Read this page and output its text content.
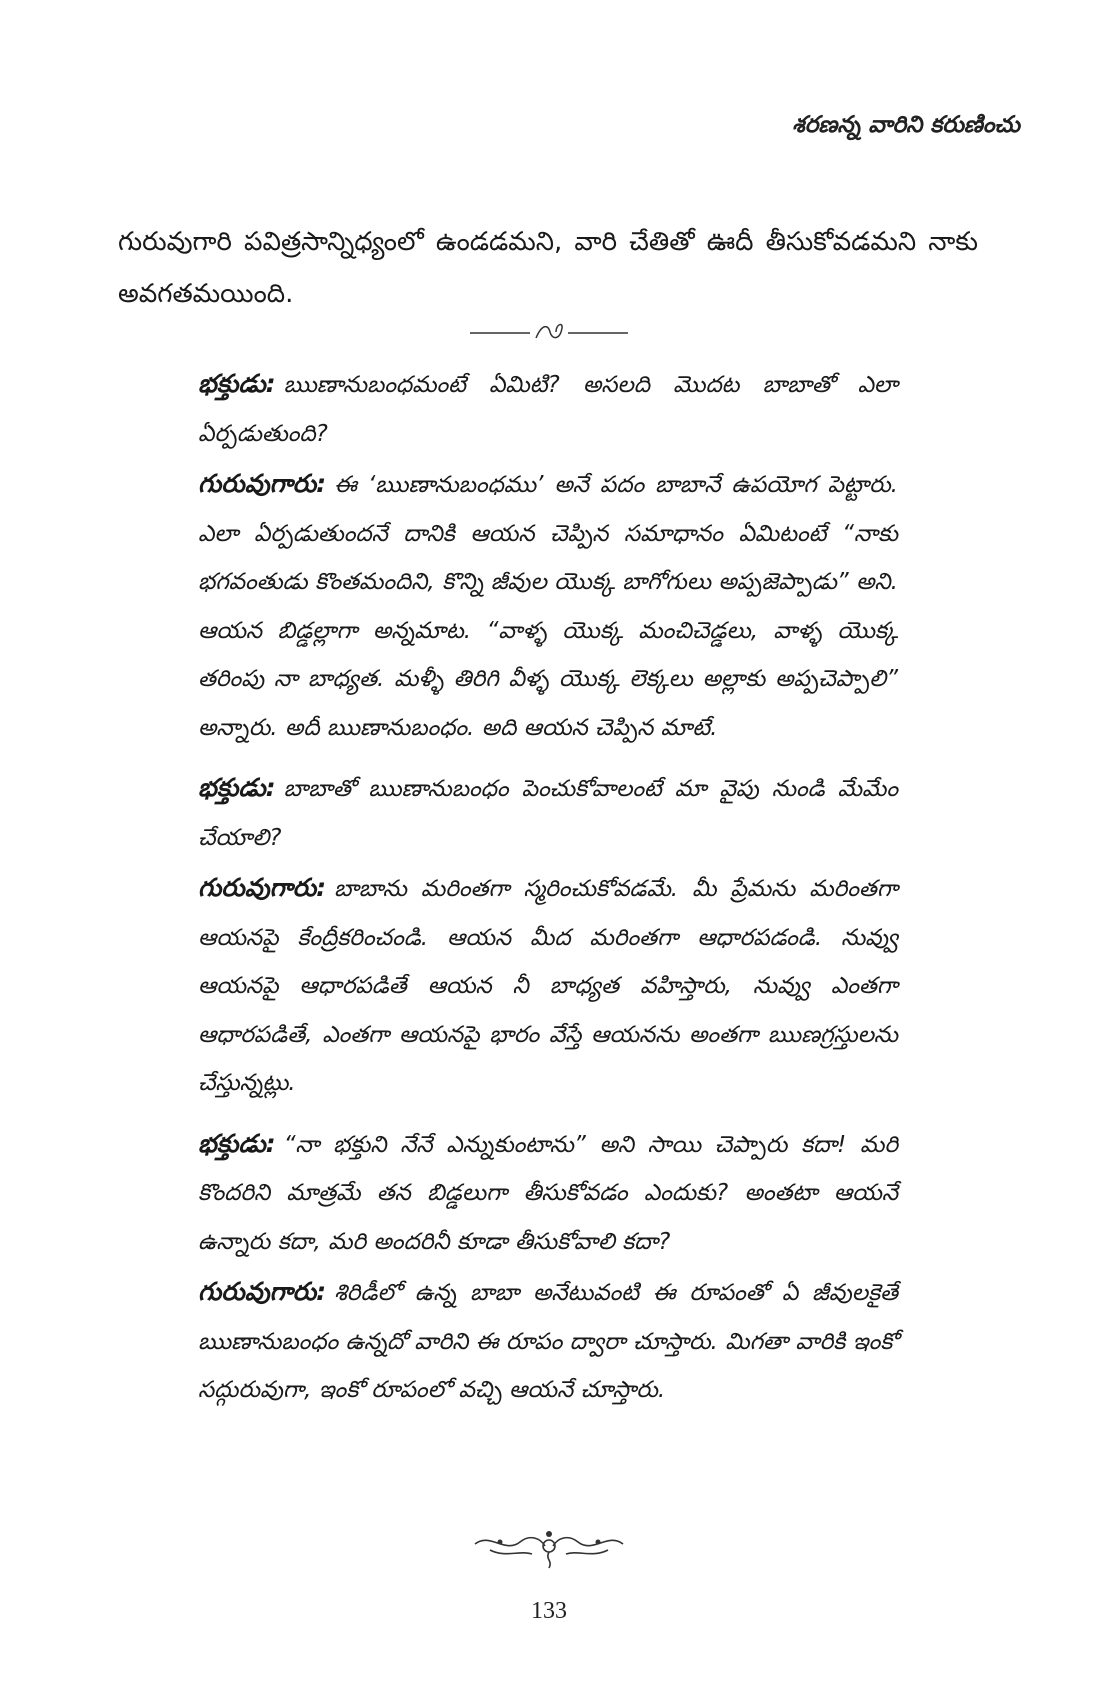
శరణన్న వారిని కరుణించు

గురువుగారి పవిత్రసాన్నిధ్యంలో ఉండడమని, వారి చేతితో ఊదీ తీసుకోవడమని నాకు అవగతమయింది.

భక్తుడు: ఋణానుబంధమంటే ఏమిటి? అసలది మొదట బాబాతో ఎలా ఏర్పడుతుంది?

గురువుగారు: ఈ ‘ఋణానుబంధము’ అనే పదం బాబానే ఉపయోగ పెట్టారు. ఎలా ఏర్పడుతుందనే దానికి ఆయన చెప్పిన సమాధానం ఏమిటంటే “నాకు భగవంతుడు కొంతమందిని, కొన్ని జీవుల యొక్క బాగోగులు అప్పజెప్పాడు” అని. ఆయన బిడ్డల్లాగా అన్నమాట. “వాళ్ళ యొక్క మంచిచెడ్డలు, వాళ్ళ యొక్క తరింపు నా బాధ్యత. మళ్ళీ తిరిగి వీళ్ళ యొక్క లెక్కలు అల్లాకు అప్పచెప్పాలి” అన్నారు. అదీ ఋణానుబంధం. అది ఆయన చెప్పిన మాటే.

భక్తుడు: బాబాతో ఋణానుబంధం పెంచుకోవాలంటే మా వైపు నుండి మేమేం చేయాలి?

గురువుగారు: బాబాను మరింతగా స్మరించుకోవడమే. మీ ప్రేమను మరింతగా ఆయనపై కేంద్రీకరించండి. ఆయన మీద మరింతగా ఆధారపడండి. నువ్వు ఆయనపై ఆధారపడితే ఆయన నీ బాధ్యత వహిస్తారు, నువ్వు ఎంతగా ఆధారపడితే, ఎంతగా ఆయనపై భారం వేస్తే ఆయనను అంతగా ఋణగ్రస్తులను చేస్తున్నట్లు.

భక్తుడు: “నా భక్తుని నేనే ఎన్నుకుంటాను” అని సాయి చెప్పారు కదా! మరి కొందరిని మాత్రమే తన బిడ్డలుగా తీసుకోవడం ఎందుకు? అంతటా ఆయనే ఉన్నారు కదా, మరి అందరినీ కూడా తీసుకోవాలి కదా?

గురువుగారు: శిరిడీలో ఉన్న బాబా అనేటువంటి ఈ రూపంతో ఏ జీవులకైతే ఋణానుబంధం ఉన్నదో వారిని ఈ రూపం ద్వారా చూస్తారు. మిగతా వారికి ఇంకో సద్గురువుగా, ఇంకో రూపంలో వచ్చి ఆయనే చూస్తారు.

133
